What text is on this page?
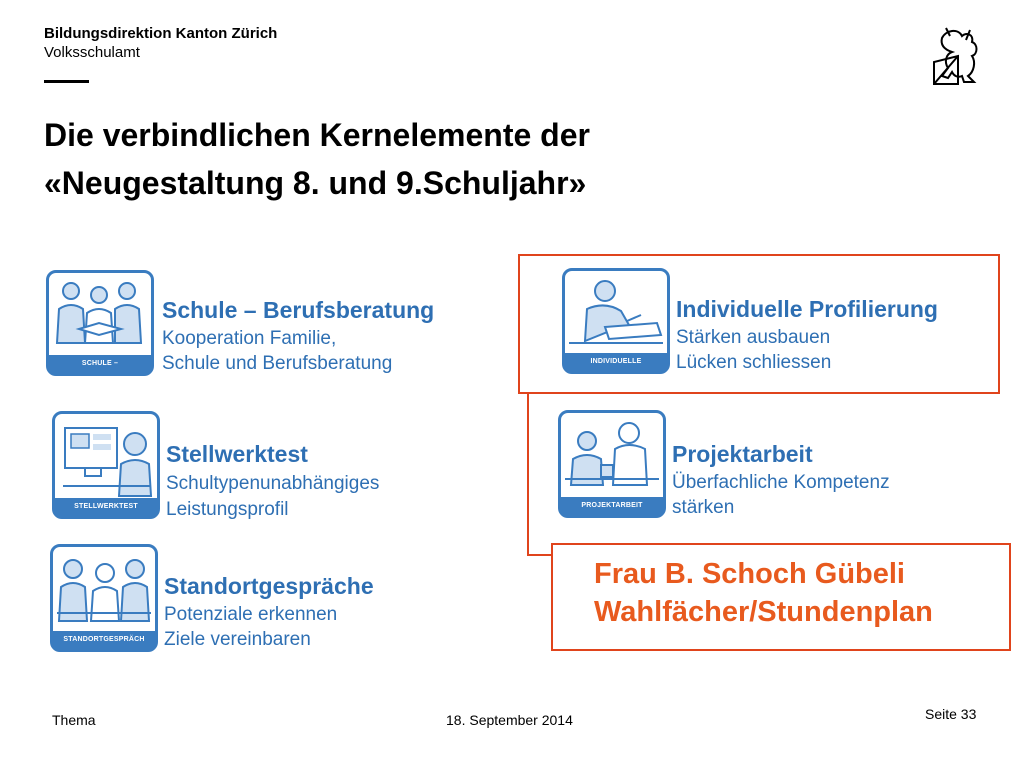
Bildungsdirektion Kanton Zürich
Volksschulamt
Die verbindlichen Kernelemente der
«Neugestaltung 8. und 9.Schuljahr»
SCHULE – BERUFSBERATUNG
Schule – Berufsberatung
Kooperation Familie,
Schule und Berufsberatung
STELLWERKTEST
Stellwerktest
Schultypenunabhängiges
Leistungsprofil
STANDORTGESPRÄCH
Standortgespräche
Potenziale erkennen
Ziele vereinbaren
INDIVIDUELLE PROFILIERUNG
Individuelle Profilierung
Stärken ausbauen
Lücken schliessen
PROJEKTARBEIT
Projektarbeit
Überfachliche Kompetenz
stärken
Frau B. Schoch Gübeli
Wahlfächer/Stundenplan
Thema	18. September 2014	Seite 33
